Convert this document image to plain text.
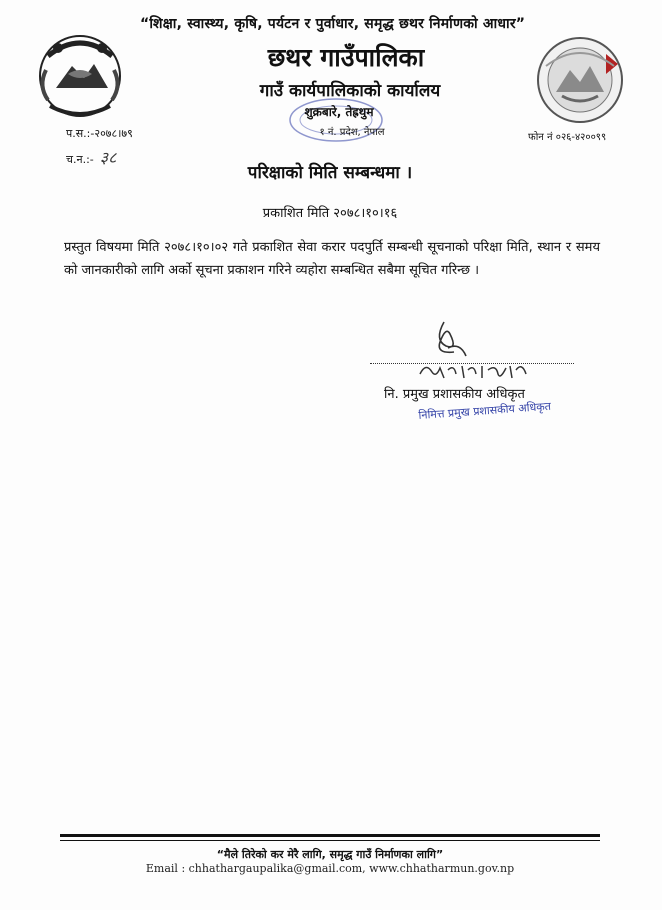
“शिक्षा, स्वास्थ्य, कृषि, पर्यटन र पुर्वाधार, समृद्ध छथर निर्माणको आधार”
छथर गाउँपालिका
गाउँ कार्यपालिकाको कार्यालय
शुक्रबारे, तेह्रथुम
१ नं. प्रदेश, नेपाल
प.स.:-२०७८।७९
च.न.:- ३८
फोन नं ०२६-४२००९९
परिक्षाको मिति सम्बन्धमा ।
प्रकाशित मिति २०७८।१०।१६
प्रस्तुत विषयमा मिति २०७८।१०।०२ गते प्रकाशित सेवा करार पदपुर्ति सम्बन्धी सूचनाको परिक्षा मिति, स्थान र समय को जानकारीको लागि अर्को सूचना प्रकाशन गरिने व्यहोरा सम्बन्धित सबैमा सूचित गरिन्छ ।
नि. प्रमुख प्रशासकीय अधिकृत
निमित्त प्रमुख प्रशासकीय अधिकृत
“मैले तिरेको कर मेरै लागि, समृद्ध गाउँ निर्माणका लागि”
Email : chhathargaupalika@gmail.com, www.chhatharmun.gov.np
